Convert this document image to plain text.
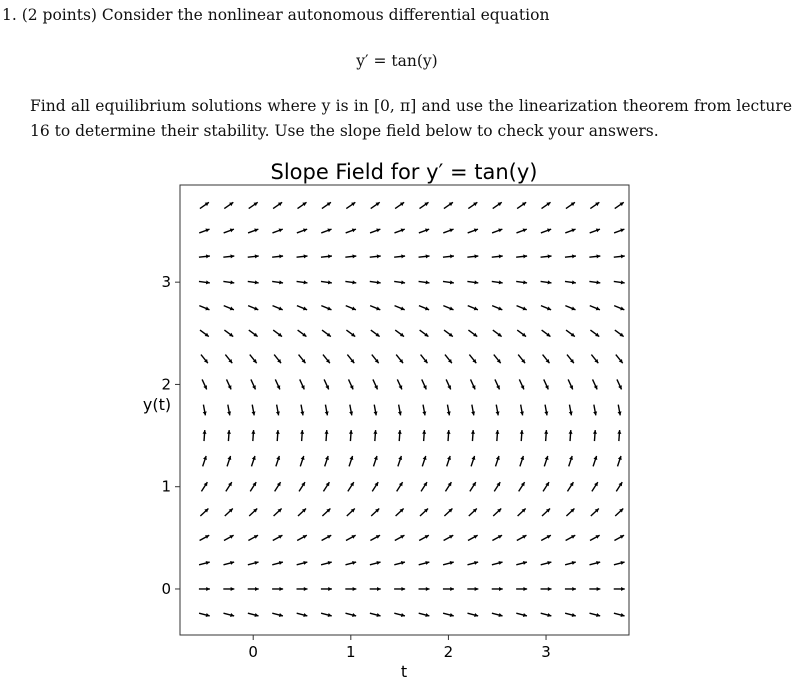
1. (2 points) Consider the nonlinear autonomous differential equation
y′ = tan(y)
Find all equilibrium solutions where y is in [0, π] and use the linearization theorem from lecture 16 to determine their stability. Use the slope field below to check your answers.
Slope Field for y′ = tan(y)
0	1	2	3
0
1
2
3
t
y(t)
